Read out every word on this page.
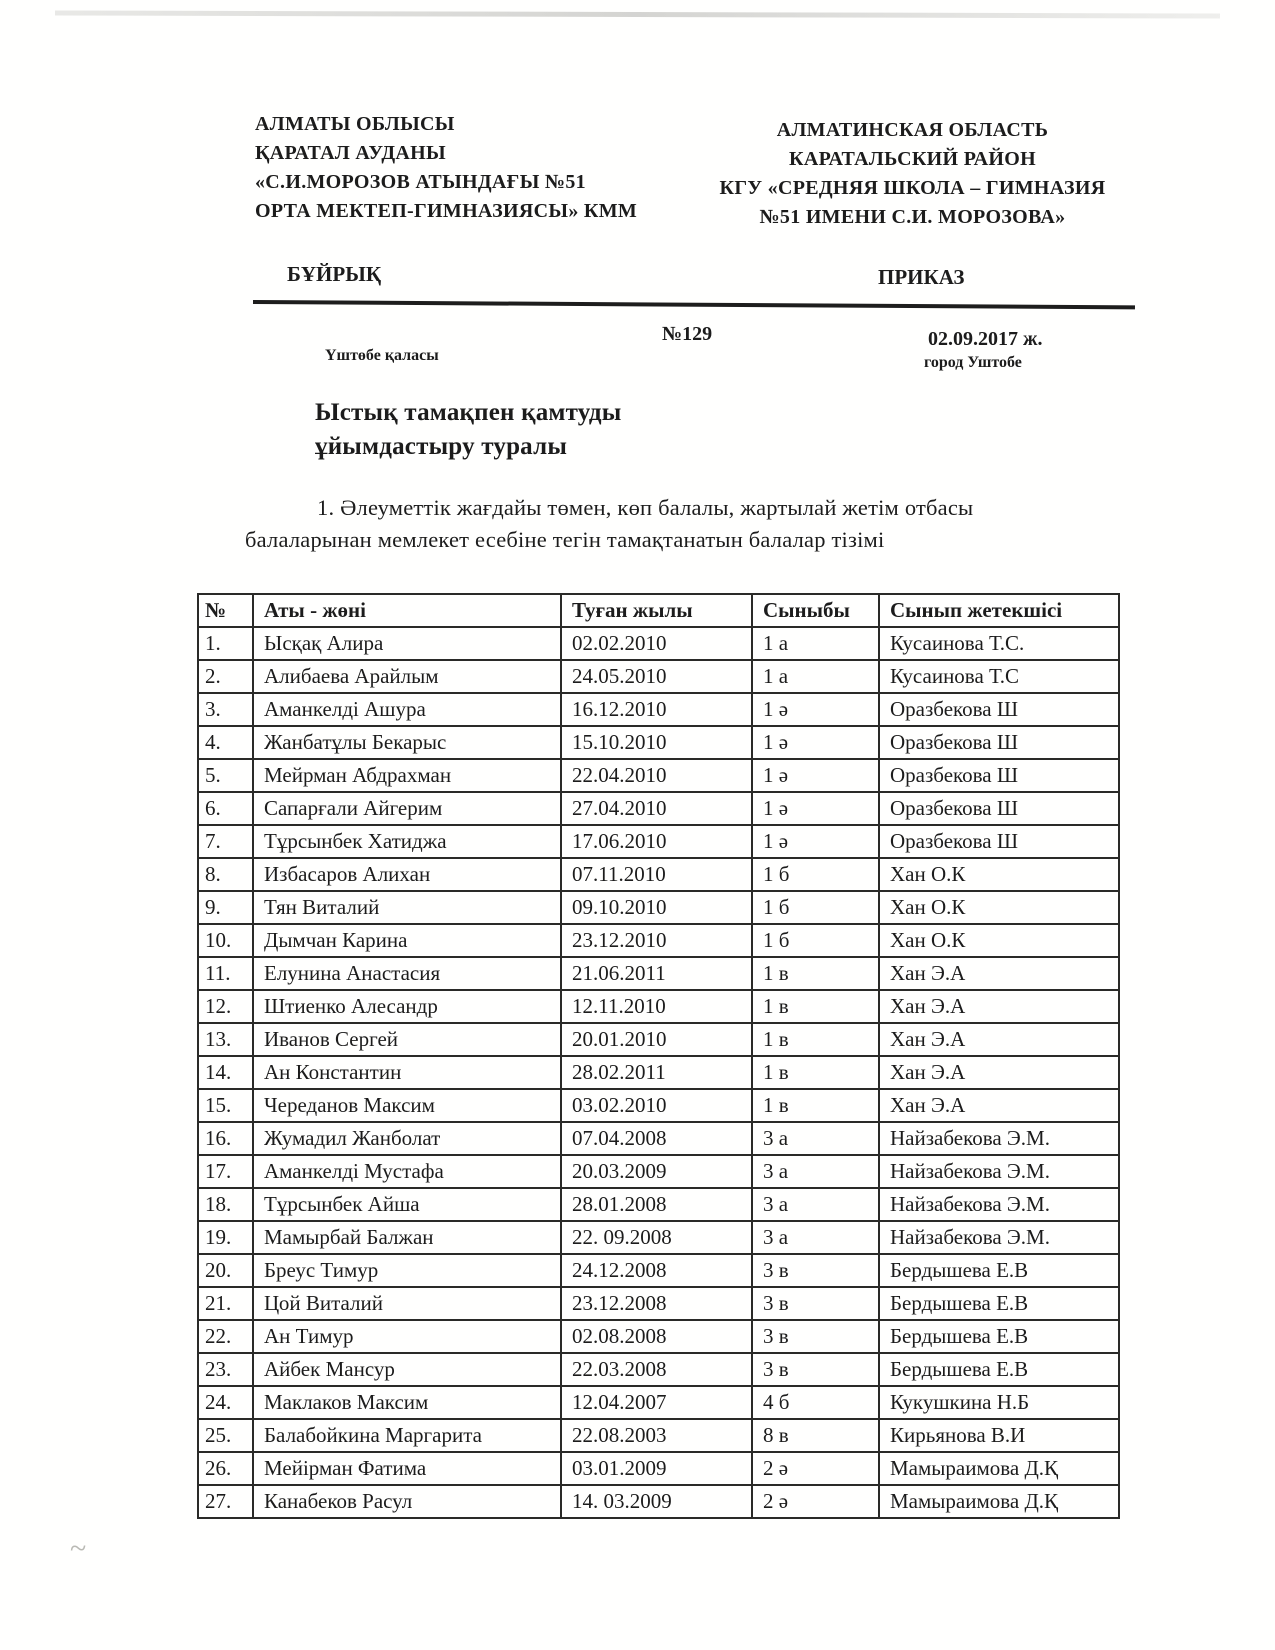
АЛМАТЫ ОБЛЫСЫ
ҚАРАТАЛ АУДАНЫ
«С.И.МОРОЗОВ АТЫНДАҒЫ №51
ОРТА МЕКТЕП-ГИМНАЗИЯСЫ» КММ
АЛМАТИНСКАЯ ОБЛАСТЬ
КАРАТАЛЬСКИЙ РАЙОН
КГУ «СРЕДНЯЯ ШКОЛА – ГИМНАЗИЯ
№51 ИМЕНИ С.И. МОРОЗОВА»
БҰЙРЫҚ	ПРИКАЗ
№129	02.09.2017 ж.
Үштөбе қаласы	город Уштобе
Ыстық тамақпен қамтуды
ұйымдастыру туралы
1. Әлеуметтік жағдайы төмен, көп балалы, жартылай жетім отбасы балаларынан мемлекет есебіне тегін тамақтанатын балалар тізімі
№	Аты - жөні	Туған жылы	Сыныбы	Сынып жетекшісі
1.	Ысқақ Алира	02.02.2010	1 а	Кусаинова Т.С.
2.	Алибаева Арайлым	24.05.2010	1 а	Кусаинова Т.С
3.	Аманкелді Ашура	16.12.2010	1 ә	Оразбекова Ш
4.	Жанбатұлы Бекарыс	15.10.2010	1 ә	Оразбекова Ш
5.	Мейрман Абдрахман	22.04.2010	1 ә	Оразбекова Ш
6.	Сапарғали Айгерим	27.04.2010	1 ә	Оразбекова Ш
7.	Тұрсынбек Хатиджа	17.06.2010	1 ә	Оразбекова Ш
8.	Избасаров Алихан	07.11.2010	1 б	Хан О.К
9.	Тян Виталий	09.10.2010	1 б	Хан О.К
10.	Дымчан Карина	23.12.2010	1 б	Хан О.К
11.	Елунина Анастасия	21.06.2011	1 в	Хан Э.А
12.	Штиенко Алесандр	12.11.2010	1 в	Хан Э.А
13.	Иванов Сергей	20.01.2010	1 в	Хан Э.А
14.	Ан Константин	28.02.2011	1 в	Хан Э.А
15.	Череданов Максим	03.02.2010	1 в	Хан Э.А
16.	Жумадил Жанболат	07.04.2008	3 а	Найзабекова Э.М.
17.	Аманкелді Мустафа	20.03.2009	3 а	Найзабекова Э.М.
18.	Тұрсынбек Айша	28.01.2008	3 а	Найзабекова Э.М.
19.	Мамырбай Балжан	22. 09.2008	3 а	Найзабекова Э.М.
20.	Бреус Тимур	24.12.2008	3 в	Бердышева Е.В
21.	Цой Виталий	23.12.2008	3 в	Бердышева Е.В
22.	Ан Тимур	02.08.2008	3 в	Бердышева Е.В
23.	Айбек Мансур	22.03.2008	3 в	Бердышева Е.В
24.	Маклаков Максим	12.04.2007	4 б	Кукушкина Н.Б
25.	Балабойкина Маргарита	22.08.2003	8 в	Кирьянова В.И
26.	Мейірман Фатима	03.01.2009	2 ә	Мамыраимова Д.Қ
27.	Канабеков Расул	14. 03.2009	2 ә	Мамыраимова Д.Қ
~
